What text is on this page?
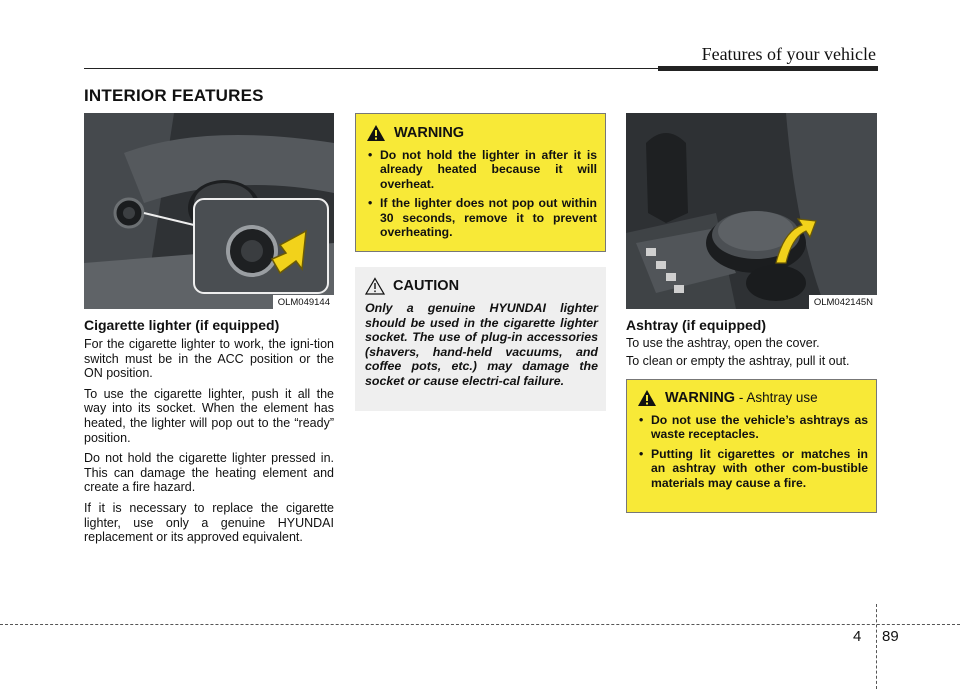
Features of your vehicle
INTERIOR FEATURES
OLM049144
Cigarette lighter (if equipped)

For the cigarette lighter to work, the igni-tion switch must be in the ACC position or the ON position.

To use the cigarette lighter, push it all the way into its socket. When the element has heated, the lighter will pop out to the “ready” position.

Do not hold the cigarette lighter pressed in. This can damage the heating element and create a fire hazard.

If it is necessary to replace the cigarette lighter, use only a genuine HYUNDAI replacement or its approved equivalent.

WARNING
• Do not hold the lighter in after it is already heated because it will overheat.
• If the lighter does not pop out within 30 seconds, remove it to prevent overheating.
CAUTION
Only a genuine HYUNDAI lighter should be used in the cigarette lighter socket. The use of plug-in accessories (shavers, hand-held vacuums, and coffee pots, etc.) may damage the socket or cause electri-cal failure.
OLM042145N
Ashtray (if equipped)

To use the ashtray, open the cover.

To clean or empty the ashtray, pull it out.

WARNING - Ashtray use
• Do not use the vehicle’s ashtrays as waste receptacles.
• Putting lit cigarettes or matches in an ashtray with other com-bustible materials may cause a fire.
4 89
